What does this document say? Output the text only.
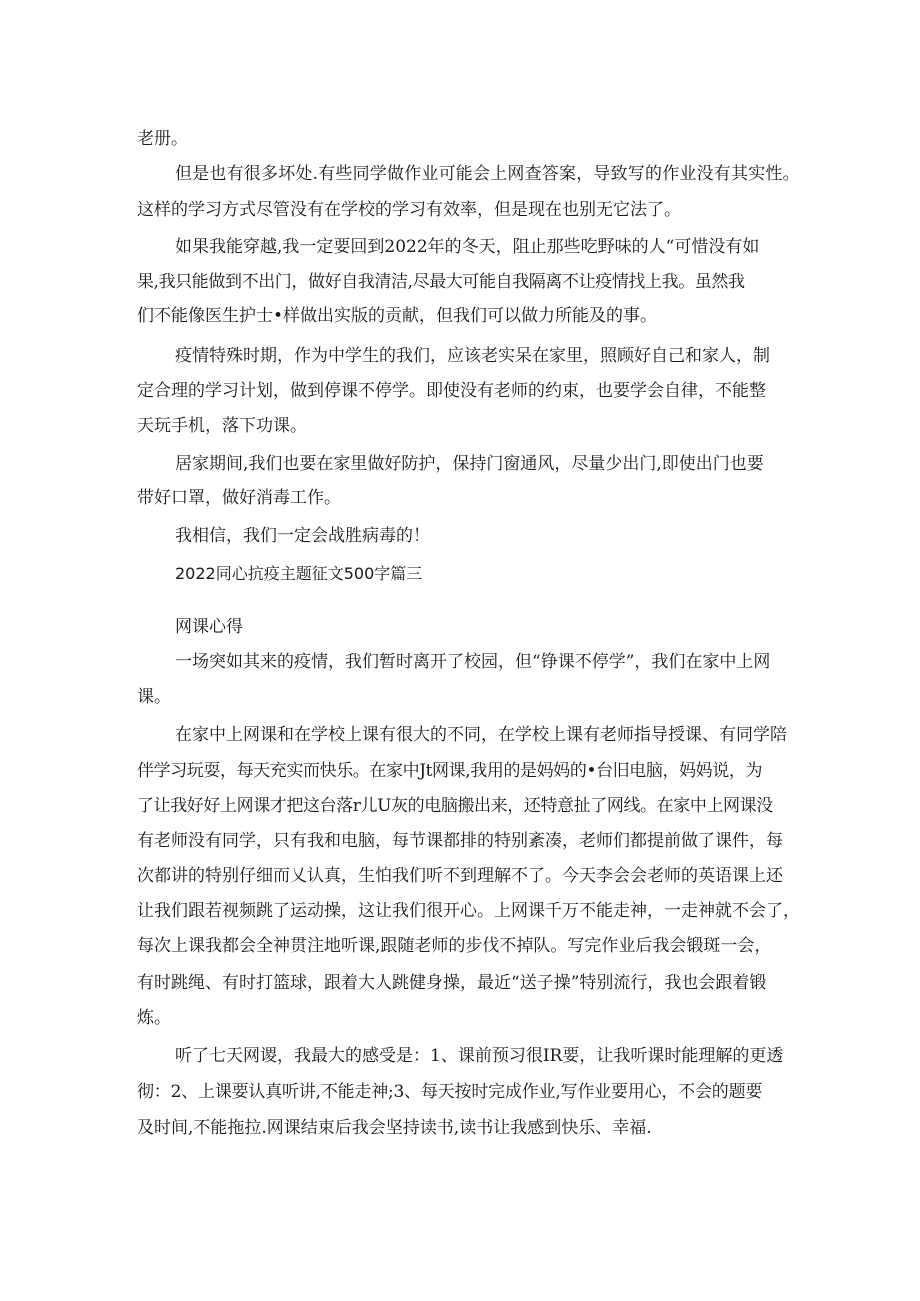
老册。
但是也有很多坏处.有些同学做作业可能会上网查答案，导致写的作业没有其实性。
这样的学习方式尽管没有在学校的学习有效率，但是现在也别无它法了。
如果我能穿越,我一定要回到2022年的冬天，阻止那些吃野味的人“可惜没有如
果,我只能做到不出门，做好自我清洁,尽最大可能自我隔离不让疫情找上我。虽然我
们不能像医生护士•样做出实版的贡献，但我们可以做力所能及的事。
疫情特殊时期，作为中学生的我们，应该老实呆在家里，照顾好自己和家人，制
定合理的学习计划，做到停课不停学。即使没有老师的约束，也要学会自律，不能整
天玩手机，落下功课。
居家期间,我们也要在家里做好防护，保持门窗通风，尽量少出门,即使出门也要
带好口罩，做好消毒工作。
我相信，我们一定会战胜病毒的！
2022同心抗疫主题征文500字篇三
网课心得
一场突如其来的疫情，我们暂时离开了校园，但“铮课不停学”，我们在家中上网
课。
在家中上网课和在学校上课有很大的不同，在学校上课有老师指导授课、有同学陪
伴学习玩耍，每天充实而快乐。在家中Jt网课,我用的是妈妈的•台旧电脑，妈妈说，为
了让我好好上网课才把这台落r儿U灰的电脑搬出来，还特意扯了网线。在家中上网课没
有老师没有同学，只有我和电脑，每节课都排的特别紊凑，老师们都提前做了课件，每
次都讲的特别仔细而乂认真，生怕我们听不到理解不了。今天李会会老师的英语课上还
让我们跟若视频跳了运动操，这让我们很开心。上网课千万不能走神，一走神就不会了，
每次上课我都会全神贯注地听课,跟随老师的步伐不掉队。写完作业后我会锻斑一会，
有时跳绳、有时打篮球，跟着大人跳健身操，最近“送子操”特别流行，我也会跟着锻
炼。
听了七天网谡，我最大的感受是：1、课前预习很IR要，让我听课时能理解的更透
彻：2、上课要认真听讲,不能走神;3、每天按时完成作业,写作业要用心，不会的题要
及时间,不能拖拉.网课结束后我会坚持读书,读书让我感到快乐、幸福.
